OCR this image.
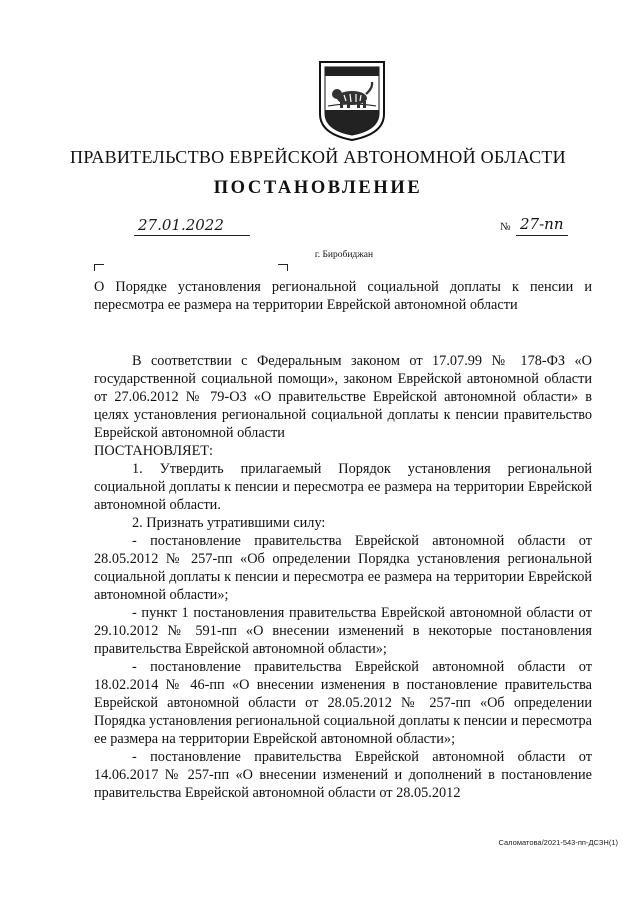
ПРАВИТЕЛЬСТВО ЕВРЕЙСКОЙ АВТОНОМНОЙ ОБЛАСТИ
ПОСТАНОВЛЕНИЕ
27.01.2022	№ 27-пп
г. Биробиджан
О Порядке установления региональной социальной доплаты к пенсии и пересмотра ее размера на территории Еврейской автономной области

В соответствии с Федеральным законом от 17.07.99 № 178-ФЗ «О государственной социальной помощи», законом Еврейской автономной области от 27.06.2012 № 79-ОЗ «О правительстве Еврейской автономной области» в целях установления региональной социальной доплаты к пенсии правительство Еврейской автономной области

ПОСТАНОВЛЯЕТ:

1. Утвердить прилагаемый Порядок установления региональной социальной доплаты к пенсии и пересмотра ее размера на территории Еврейской автономной области.

2. Признать утратившими силу:

- постановление правительства Еврейской автономной области от 28.05.2012 № 257-пп «Об определении Порядка установления региональной социальной доплаты к пенсии и пересмотра ее размера на территории Еврейской автономной области»;

- пункт 1 постановления правительства Еврейской автономной области от 29.10.2012 № 591-пп «О внесении изменений в некоторые постановления правительства Еврейской автономной области»;

- постановление правительства Еврейской автономной области от 18.02.2014 № 46-пп «О внесении изменения в постановление правительства Еврейской автономной области от 28.05.2012 № 257-пп «Об определении Порядка установления региональной социальной доплаты к пенсии и пересмотра ее размера на территории Еврейской автономной области»;

- постановление правительства Еврейской автономной области от 14.06.2017 № 257-пп «О внесении изменений и дополнений в постановление правительства Еврейской автономной области от 28.05.2012

Саломатова/2021-543-пп-ДСЗН(1)
